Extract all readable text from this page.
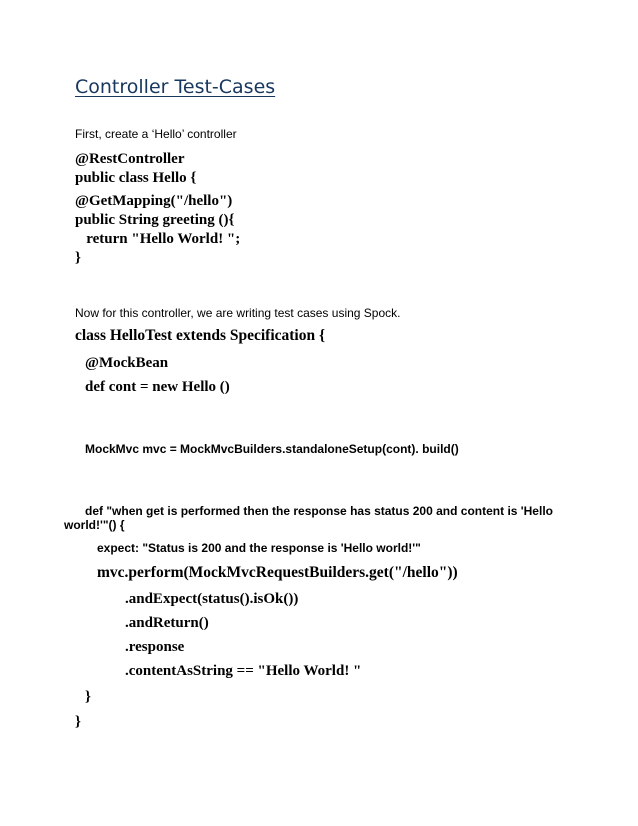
Controller Test-Cases
First, create a ‘Hello’ controller
@RestController
public class Hello {
@GetMapping("/hello")
public String greeting (){
return "Hello World! ";
}
Now for this controller, we are writing test cases using Spock.
class HelloTest extends Specification {
@MockBean
def cont = new Hello ()
MockMvc mvc = MockMvcBuilders.standaloneSetup(cont). build()
def "when get is performed then the response has status 200 and content is 'Hello
world!'"() {
expect: "Status is 200 and the response is 'Hello world!'"
mvc.perform(MockMvcRequestBuilders.get("/hello"))
.andExpect(status().isOk())
.andReturn()
.response
.contentAsString == "Hello World! "
}
}
